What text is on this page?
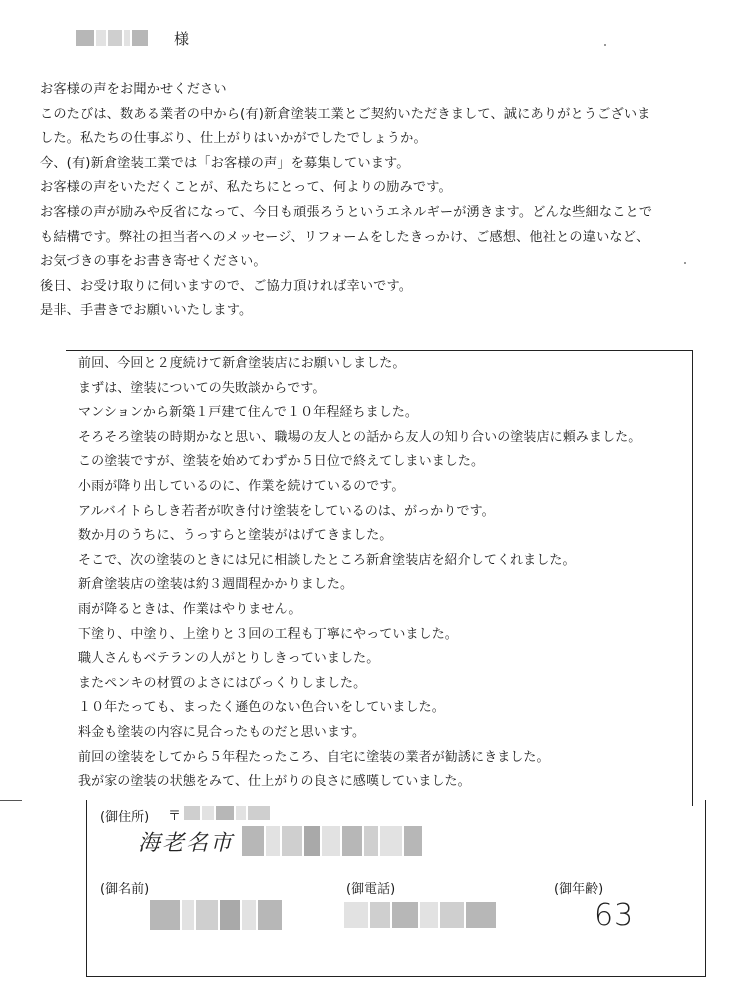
様

お客様の声をお聞かせください

このたびは、数ある業者の中から(有)新倉塗装工業とご契約いただきまして、誠にありがとうございま

した。私たちの仕事ぶり、仕上がりはいかがでしたでしょうか。

今、(有)新倉塗装工業では「お客様の声」を募集しています。

お客様の声をいただくことが、私たちにとって、何よりの励みです。

お客様の声が励みや反省になって、今日も頑張ろうというエネルギーが湧きます。どんな些細なことで

も結構です。弊社の担当者へのメッセージ、リフォームをしたきっかけ、ご感想、他社との違いなど、

お気づきの事をお書き寄せください。

後日、お受け取りに伺いますので、ご協力頂ければ幸いです。

是非、手書きでお願いいたします。

前回、今回と２度続けて新倉塗装店にお願いしました。

まずは、塗装についての失敗談からです。

マンションから新築１戸建て住んで１０年程経ちました。

そろそろ塗装の時期かなと思い、職場の友人との話から友人の知り合いの塗装店に頼みました。

この塗装ですが、塗装を始めてわずか５日位で終えてしまいました。

小雨が降り出しているのに、作業を続けているのです。

アルバイトらしき若者が吹き付け塗装をしているのは、がっかりです。

数か月のうちに、うっすらと塗装がはげてきました。

そこで、次の塗装のときには兄に相談したところ新倉塗装店を紹介してくれました。

新倉塗装店の塗装は約３週間程かかりました。

雨が降るときは、作業はやりません。

下塗り、中塗り、上塗りと３回の工程も丁寧にやっていました。

職人さんもベテランの人がとりしきっていました。

またペンキの材質のよさにはびっくりしました。

１０年たっても、まったく遜色のない色合いをしていました。

料金も塗装の内容に見合ったものだと思います。

前回の塗装をしてから５年程たったころ、自宅に塗装の業者が勧誘にきました。

我が家の塗装の状態をみて、仕上がりの良さに感嘆していました。

(御住所) 〒
海老名市
(御名前)	(御電話)	(御年齢)
63
